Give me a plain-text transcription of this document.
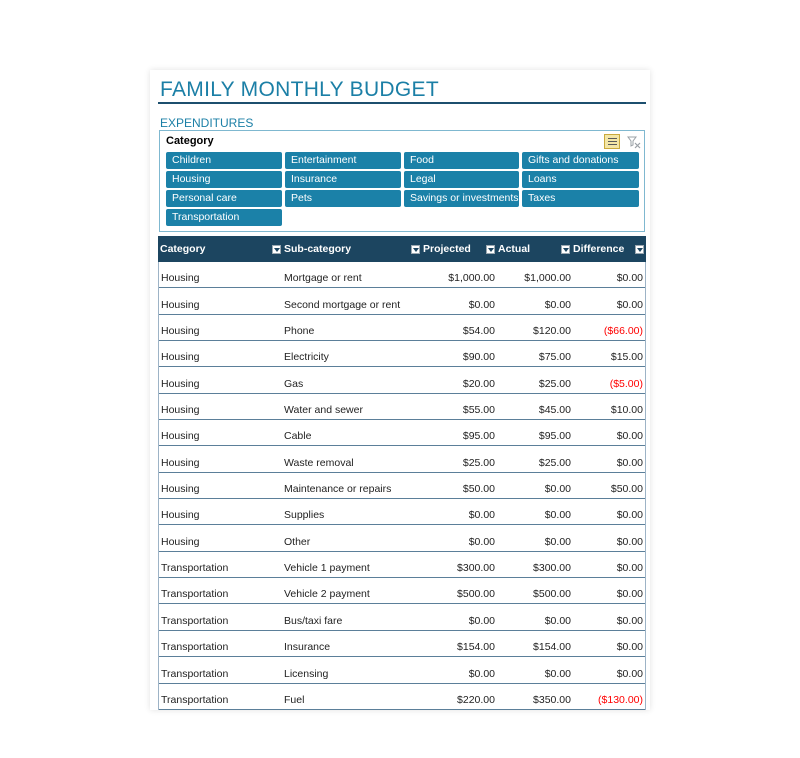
FAMILY MONTHLY BUDGET
EXPENDITURES
Category
Children	Entertainment	Food	Gifts and donations
Housing	Insurance	Legal	Loans
Personal care	Pets	Savings or investments Taxes
Transportation
Category	Sub-category	Projected	Actual	Difference
Housing	Mortgage or rent	$1,000.00	$1,000.00	$0.00
Housing	Second mortgage or rent	$0.00	$0.00	$0.00
Housing	Phone	$54.00	$120.00	($66.00)
Housing	Electricity	$90.00	$75.00	$15.00
Housing	Gas	$20.00	$25.00	($5.00)
Housing	Water and sewer	$55.00	$45.00	$10.00
Housing	Cable	$95.00	$95.00	$0.00
Housing	Waste removal	$25.00	$25.00	$0.00
Housing	Maintenance or repairs	$50.00	$0.00	$50.00
Housing	Supplies	$0.00	$0.00	$0.00
Housing	Other	$0.00	$0.00	$0.00
Transportation	Vehicle 1 payment	$300.00	$300.00	$0.00
Transportation	Vehicle 2 payment	$500.00	$500.00	$0.00
Transportation	Bus/taxi fare	$0.00	$0.00	$0.00
Transportation	Insurance	$154.00	$154.00	$0.00
Transportation	Licensing	$0.00	$0.00	$0.00
Transportation	Fuel	$220.00	$350.00	($130.00)
